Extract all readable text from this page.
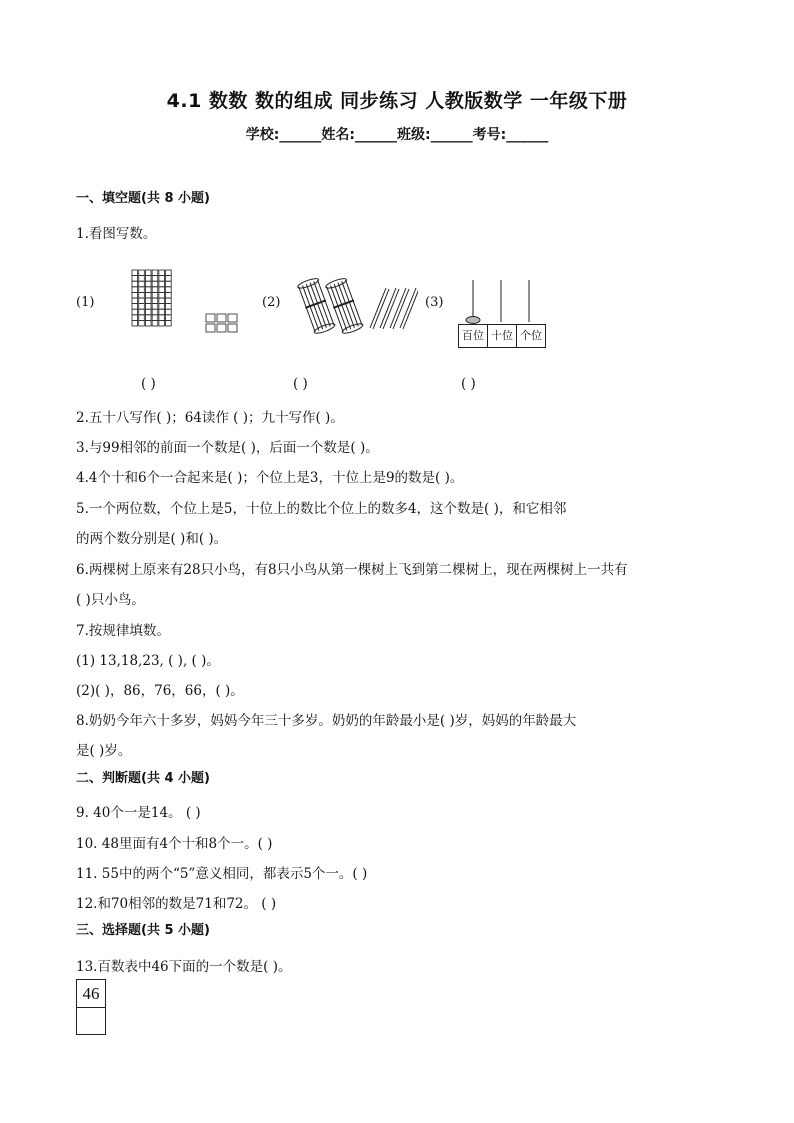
4.1 数数 数的组成 同步练习 人教版数学 一年级下册
学校:______姓名:______班级:______考号:______
一、填空题(共 8 小题)
1.看图写数。
(1)	(2)	(3)
百位 十位 个位
( )	( )	( )
2.五十八写作( )；64读作 ( )；九十写作( )。
3.与99相邻的前面一个数是( )，后面一个数是( )。
4.4个十和6个一合起来是( )；个位上是3，十位上是9的数是( )。
5.一个两位数，个位上是5，十位上的数比个位上的数多4，这个数是( )，和它相邻
的两个数分别是( )和( )。
6.两棵树上原来有28只小鸟，有8只小鸟从第一棵树上飞到第二棵树上，现在两棵树上一共有
( )只小鸟。
7.按规律填数。
(1) 13,18,23, ( ), ( )。
(2)( )，86，76，66，( )。
8.奶奶今年六十多岁，妈妈今年三十多岁。奶奶的年龄最小是( )岁，妈妈的年龄最大
是( )岁。
二、判断题(共 4 小题)
9. 40个一是14。 ( )
10. 48里面有4个十和8个一。( )
11. 55中的两个“5”意义相同，都表示5个一。( )
12.和70相邻的数是71和72。 ( )
三、选择题(共 5 小题)
13.百数表中46下面的一个数是( )。
46
